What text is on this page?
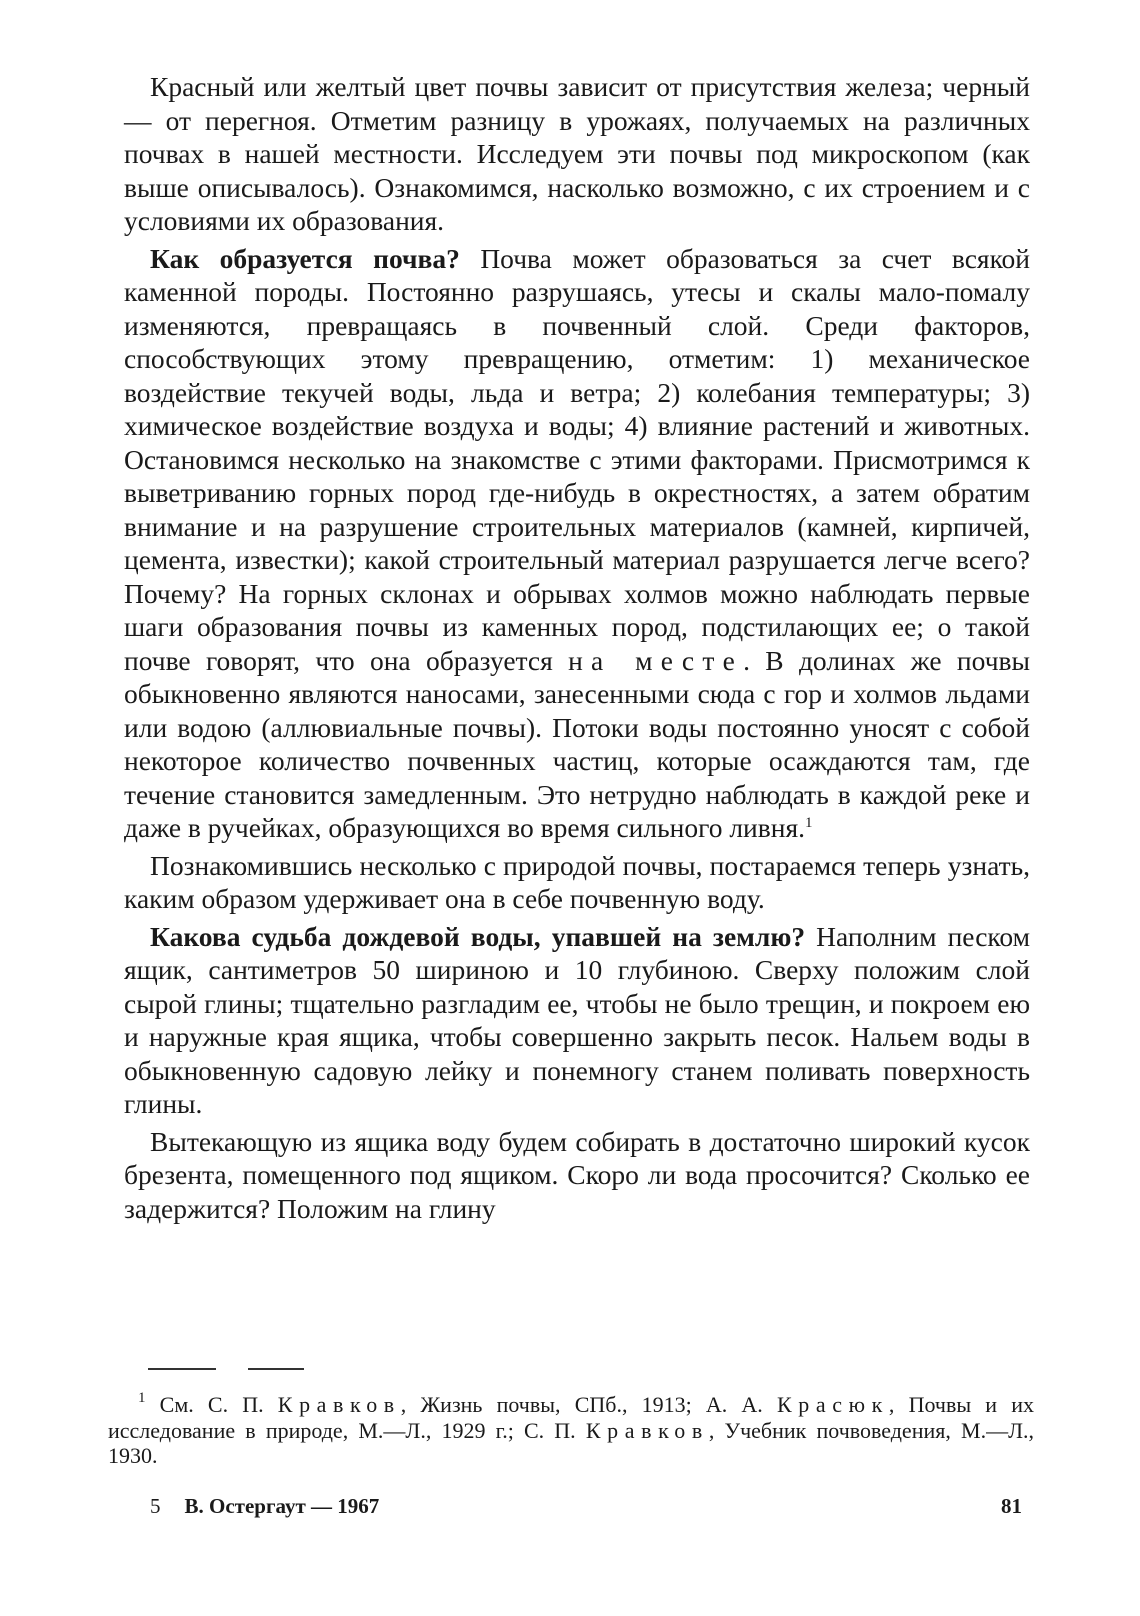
Красный или желтый цвет почвы зависит от присутствия железа; черный — от перегноя. Отметим разницу в урожаях, получаемых на различных почвах в нашей местности. Исследуем эти почвы под микроскопом (как выше описывалось). Ознакомимся, насколько возможно, с их строением и с условиями их образования.

Как образуется почва? Почва может образоваться за счет всякой каменной породы. Постоянно разрушаясь, утесы и скалы мало-помалу изменяются, превращаясь в почвенный слой. Среди факторов, способствующих этому превращению, отметим: 1) механическое воздействие текучей воды, льда и ветра; 2) колебания температуры; 3) химическое воздействие воздуха и воды; 4) влияние растений и животных. Остановимся несколько на знакомстве с этими факторами. Присмотримся к выветриванию горных пород где-нибудь в окрестностях, а затем обратим внимание и на разрушение строительных материалов (камней, кирпичей, цемента, известки); какой строительный материал разрушается легче всего? Почему? На горных склонах и обрывах холмов можно наблюдать первые шаги образования почвы из каменных пород, подстилающих ее; о такой почве говорят, что она образуется на месте. В долинах же почвы обыкновенно являются наносами, занесенными сюда с гор и холмов льдами или водою (аллювиальные почвы). Потоки воды постоянно уносят с собой некоторое количество почвенных частиц, которые осаждаются там, где течение становится замедленным. Это нетрудно наблюдать в каждой реке и даже в ручейках, образующихся во время сильного ливня.$^1$

Познакомившись несколько с природой почвы, постараемся теперь узнать, каким образом удерживает она в себе почвенную воду.

Какова судьба дождевой воды, упавшей на землю? Наполним песком ящик, сантиметров 50 шириною и 10 глубиною. Сверху положим слой сырой глины; тщательно разгладим ее, чтобы не было трещин, и покроем ею и наружные края ящика, чтобы совершенно закрыть песок. Нальем воды в обыкновенную садовую лейку и понемногу станем поливать поверхность глины.

Вытекающую из ящика воду будем собирать в достаточно широкий кусок брезента, помещенного под ящиком. Скоро ли вода просочится? Сколько ее задержится? Положим на глину

$^1$ См. С. П. Кравков, Жизнь почвы, СПб., 1913; А. А. Красюк, Почвы и их исследование в природе, М.—Л., 1929 г.; С. П. Кравков, Учебник почвоведения, М.—Л., 1930.
5 В. Остергаут — 1967	81
